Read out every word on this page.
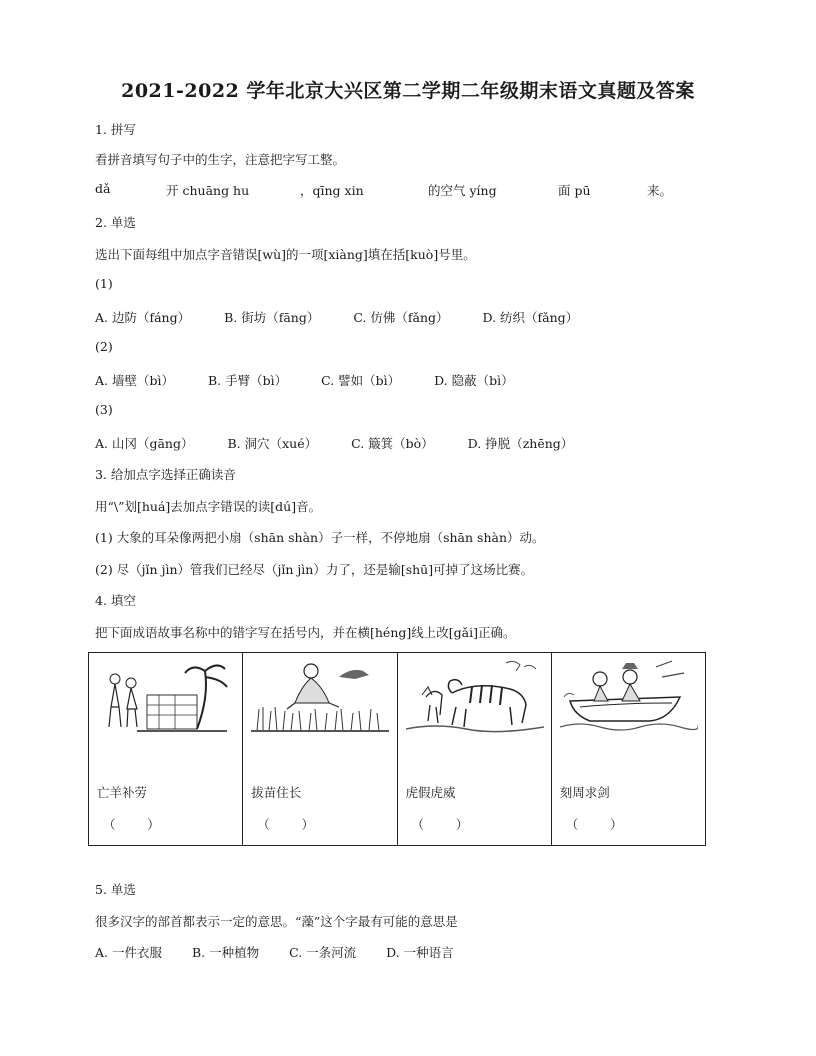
2021-2022 学年北京大兴区第二学期二年级期末语文真题及答案
1. 拼写
看拼音填写句子中的生字，注意把字写工整。
dǎ	开 chuāng hu	，qīng xin	的空气 yíng	面 pū	来。
2. 单选
选出下面每组中加点字音错误[wù]的一项[xiàng]填在括[kuò]号里。
(1)
A. 边防（fáng）	B. 街坊（fāng）	C. 仿佛（fǎng）	D. 纺织（fǎng）
(2)
A. 墙壁（bì）	B. 手臂（bì）	C. 譬如（bì）	D. 隐蔽（bì）
(3)
A. 山冈（gāng）	B. 洞穴（xué）	C. 簸箕（bò）	D. 挣脱（zhēng）
3. 给加点字选择正确读音
用“\”划[huá]去加点字错误的读[dú]音。
(1) 大象的耳朵像两把小扇（shān shàn）子一样，不停地扇（shān shàn）动。
(2) 尽（jǐn jìn）管我们已经尽（jǐn jìn）力了，还是输[shū]可掉了这场比赛。
4. 填空
把下面成语故事名称中的错字写在括号内，并在横[héng]线上改[gǎi]正确。
亡羊补劳
（        ）

拔苗住长
（        ）

虎假虎威
（        ）

刻周求剑
（        ）
5. 单选
很多汉字的部首都表示一定的意思。“藻”这个字最有可能的意思是
A. 一件衣服 B. 一种植物 C. 一条河流 D. 一种语言
